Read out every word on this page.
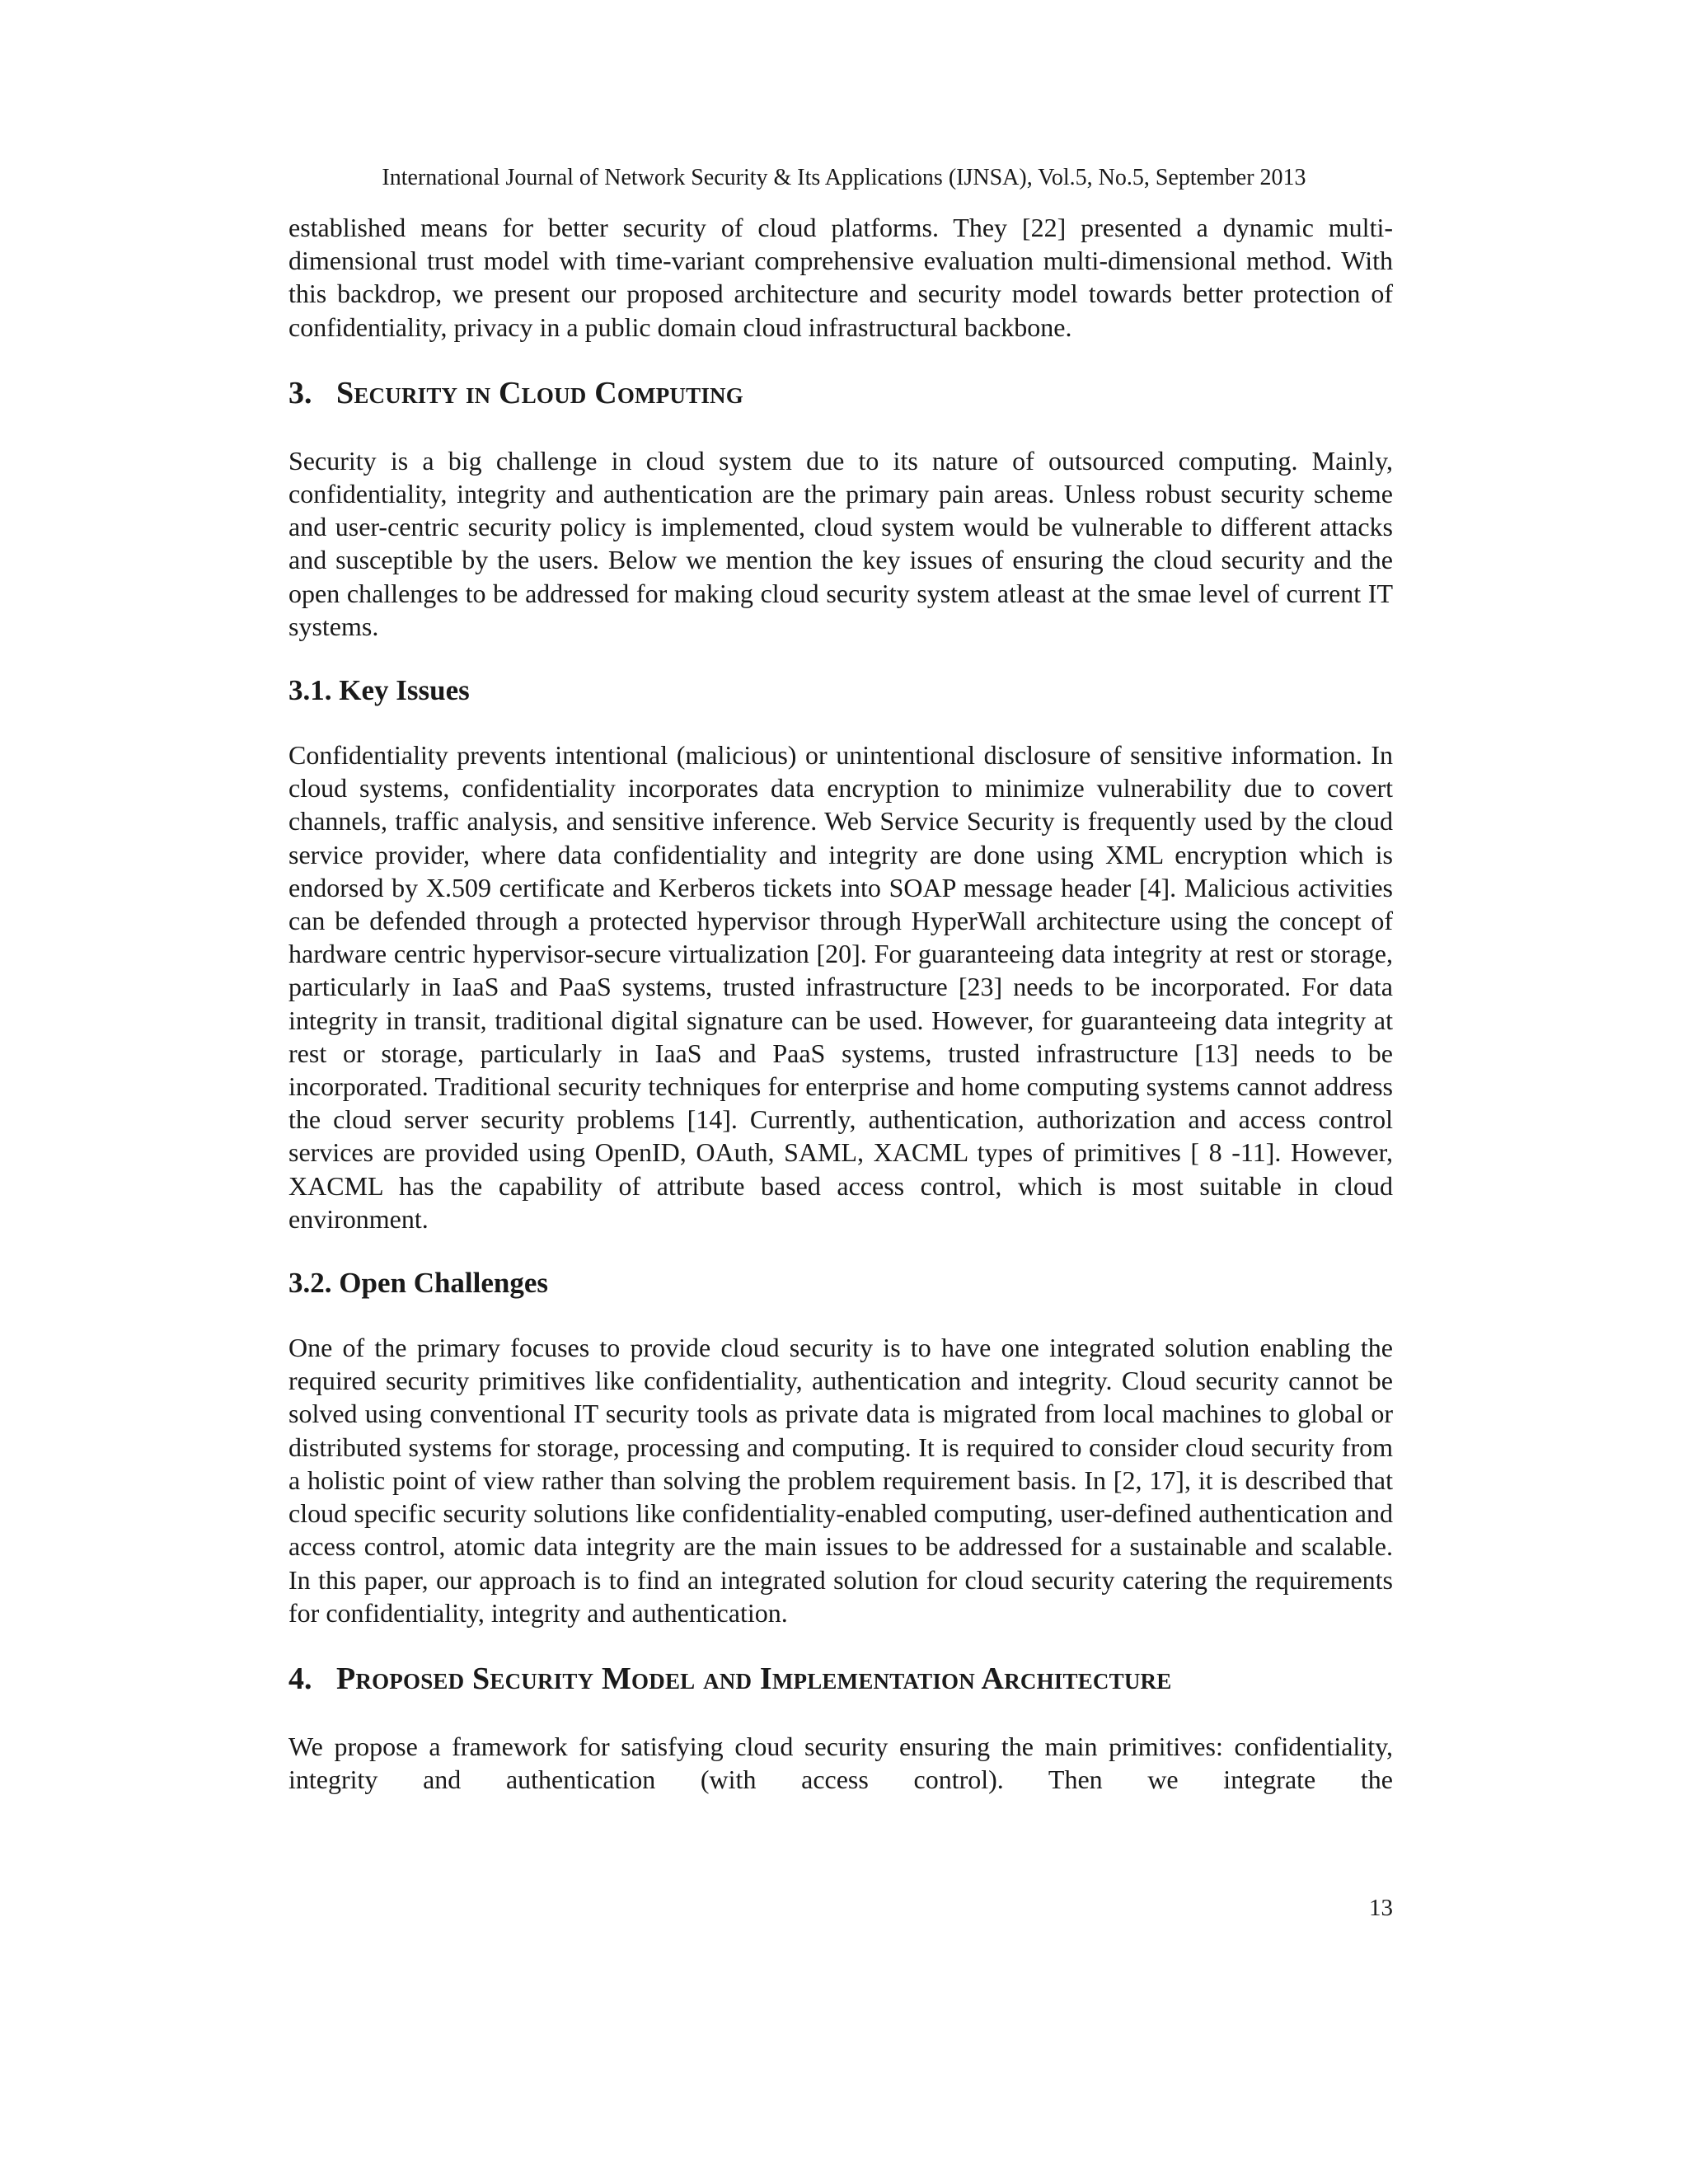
International Journal of Network Security & Its Applications (IJNSA), Vol.5, No.5, September 2013

established means for better security of cloud platforms. They [22] presented a dynamic multi-dimensional trust model with time-variant comprehensive evaluation multi-dimensional method. With this backdrop, we present our proposed architecture and security model towards better protection of confidentiality, privacy in a public domain cloud infrastructural backbone.

3. Security in Cloud Computing

Security is a big challenge in cloud system due to its nature of outsourced computing. Mainly, confidentiality, integrity and authentication are the primary pain areas. Unless robust security scheme and user-centric security policy is implemented, cloud system would be vulnerable to different attacks and susceptible by the users. Below we mention the key issues of ensuring the cloud security and the open challenges to be addressed for making cloud security system atleast at the smae level of current IT systems.

3.1. Key Issues

Confidentiality prevents intentional (malicious) or unintentional disclosure of sensitive information. In cloud systems, confidentiality incorporates data encryption to minimize vulnerability due to covert channels, traffic analysis, and sensitive inference. Web Service Security is frequently used by the cloud service provider, where data confidentiality and integrity are done using XML encryption which is endorsed by X.509 certificate and Kerberos tickets into SOAP message header [4]. Malicious activities can be defended through a protected hypervisor through HyperWall architecture using the concept of hardware centric hypervisor-secure virtualization [20]. For guaranteeing data integrity at rest or storage, particularly in IaaS and PaaS systems, trusted infrastructure [23] needs to be incorporated. For data integrity in transit, traditional digital signature can be used. However, for guaranteeing data integrity at rest or storage, particularly in IaaS and PaaS systems, trusted infrastructure [13] needs to be incorporated. Traditional security techniques for enterprise and home computing systems cannot address the cloud server security problems [14]. Currently, authentication, authorization and access control services are provided using OpenID, OAuth, SAML, XACML types of primitives [ 8 -11]. However, XACML has the capability of attribute based access control, which is most suitable in cloud environment.

3.2. Open Challenges

One of the primary focuses to provide cloud security is to have one integrated solution enabling the required security primitives like confidentiality, authentication and integrity. Cloud security cannot be solved using conventional IT security tools as private data is migrated from local machines to global or distributed systems for storage, processing and computing. It is required to consider cloud security from a holistic point of view rather than solving the problem requirement basis. In [2, 17], it is described that cloud specific security solutions like confidentiality-enabled computing, user-defined authentication and access control, atomic data integrity are the main issues to be addressed for a sustainable and scalable. In this paper, our approach is to find an integrated solution for cloud security catering the requirements for confidentiality, integrity and authentication.

4. Proposed Security Model and Implementation Architecture

We propose a framework for satisfying cloud security ensuring the main primitives: confidentiality, integrity and authentication (with access control). Then we integrate the

13
